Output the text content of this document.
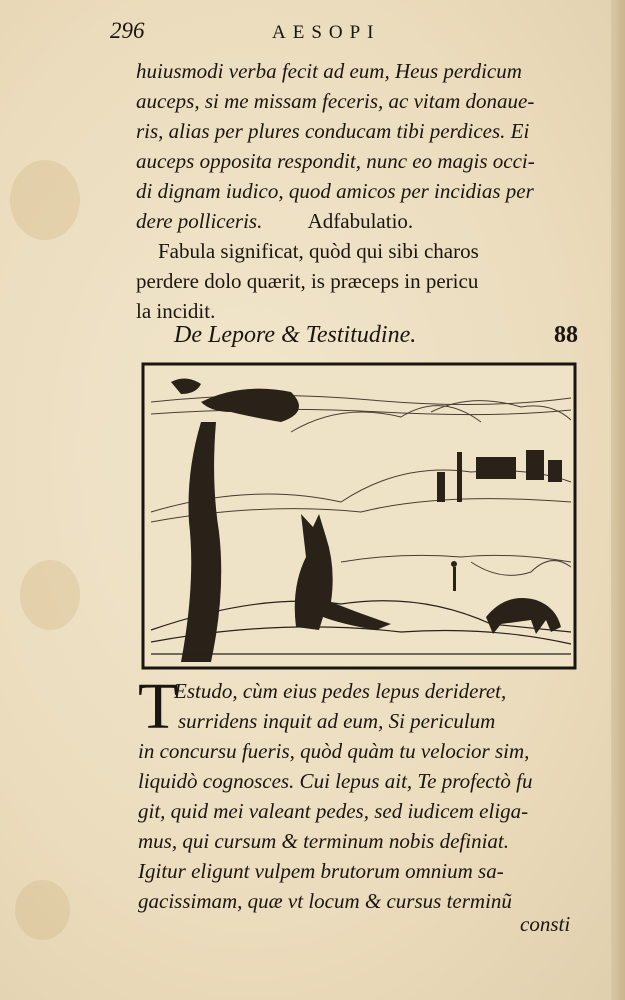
296	AESOPI
huiusmodi verba fecit ad eum, Heus perdicum
auceps, si me missam feceris, ac vitam donaue-
ris, alias per plures conducam tibi perdices. Ei
auceps opposita respondit, nunc eo magis occi-
di dignam iudico, quod amicos per incidias per
dere polliceris. Adfabulatio.
Fabula significat, quòd qui sibi charos
perdere dolo quærit, is præceps in pericu
la incidit.
De Lepore & Testitudine.	88
T
Estudo, cùm eius pedes lepus derideret,
surridens inquit ad eum, Si periculum
in concursu fueris, quòd quàm tu velocior sim,
liquidò cognosces. Cui lepus ait, Te profectò fu
git, quid mei valeant pedes, sed iudicem eliga-
mus, qui cursum & terminum nobis definiat.
Igitur eligunt vulpem brutorum omnium sa-
gacissimam, quæ vt locum & cursus terminũ
consti
